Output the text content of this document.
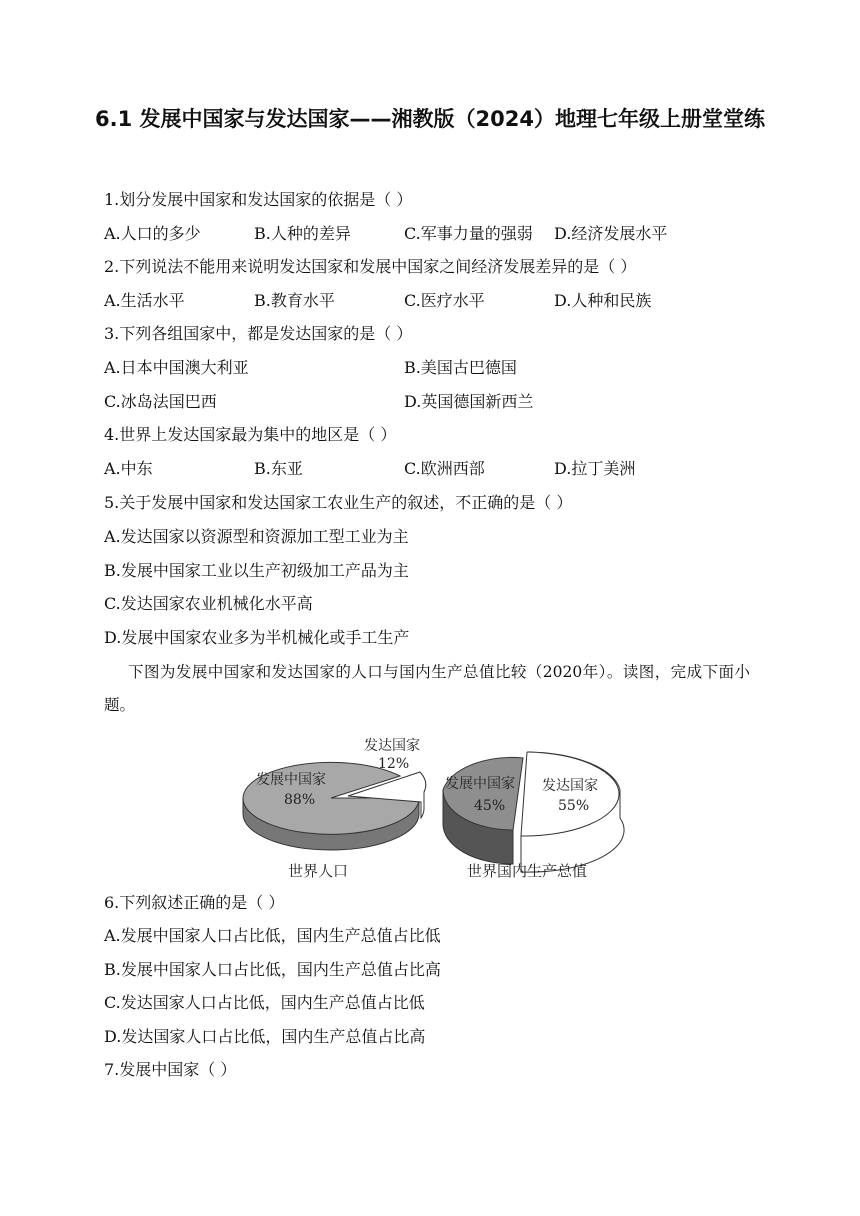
6.1 发展中国家与发达国家——湘教版（2024）地理七年级上册堂堂练
1.划分发展中国家和发达国家的依据是（ ）
A.人口的多少	B.人种的差异	C.军事力量的强弱 D.经济发展水平
2.下列说法不能用来说明发达国家和发展中国家之间经济发展差异的是（ ）
A.生活水平	B.教育水平	C.医疗水平	D.人种和民族
3.下列各组国家中，都是发达国家的是（ ）
A.日本中国澳大利亚	B.美国古巴德国
C.冰岛法国巴西	D.英国德国新西兰
4.世界上发达国家最为集中的地区是（ ）
A.中东	B.东亚	C.欧洲西部	D.拉丁美洲
5.关于发展中国家和发达国家工农业生产的叙述，不正确的是（ ）
A.发达国家以资源型和资源加工型工业为主
B.发展中国家工业以生产初级加工产品为主
C.发达国家农业机械化水平高
D.发展中国家农业多为半机械化或手工生产
下图为发展中国家和发达国家的人口与国内生产总值比较（2020年）。读图，完成下面小题。
发展中国家
88%
发达国家
12%
世界人口
发展中国家
45%
发达国家
55%
世界国内生产总值
6.下列叙述正确的是（ ）
A.发展中国家人口占比低，国内生产总值占比低
B.发展中国家人口占比低，国内生产总值占比高
C.发达国家人口占比低，国内生产总值占比低
D.发达国家人口占比低，国内生产总值占比高
7.发展中国家（ ）
